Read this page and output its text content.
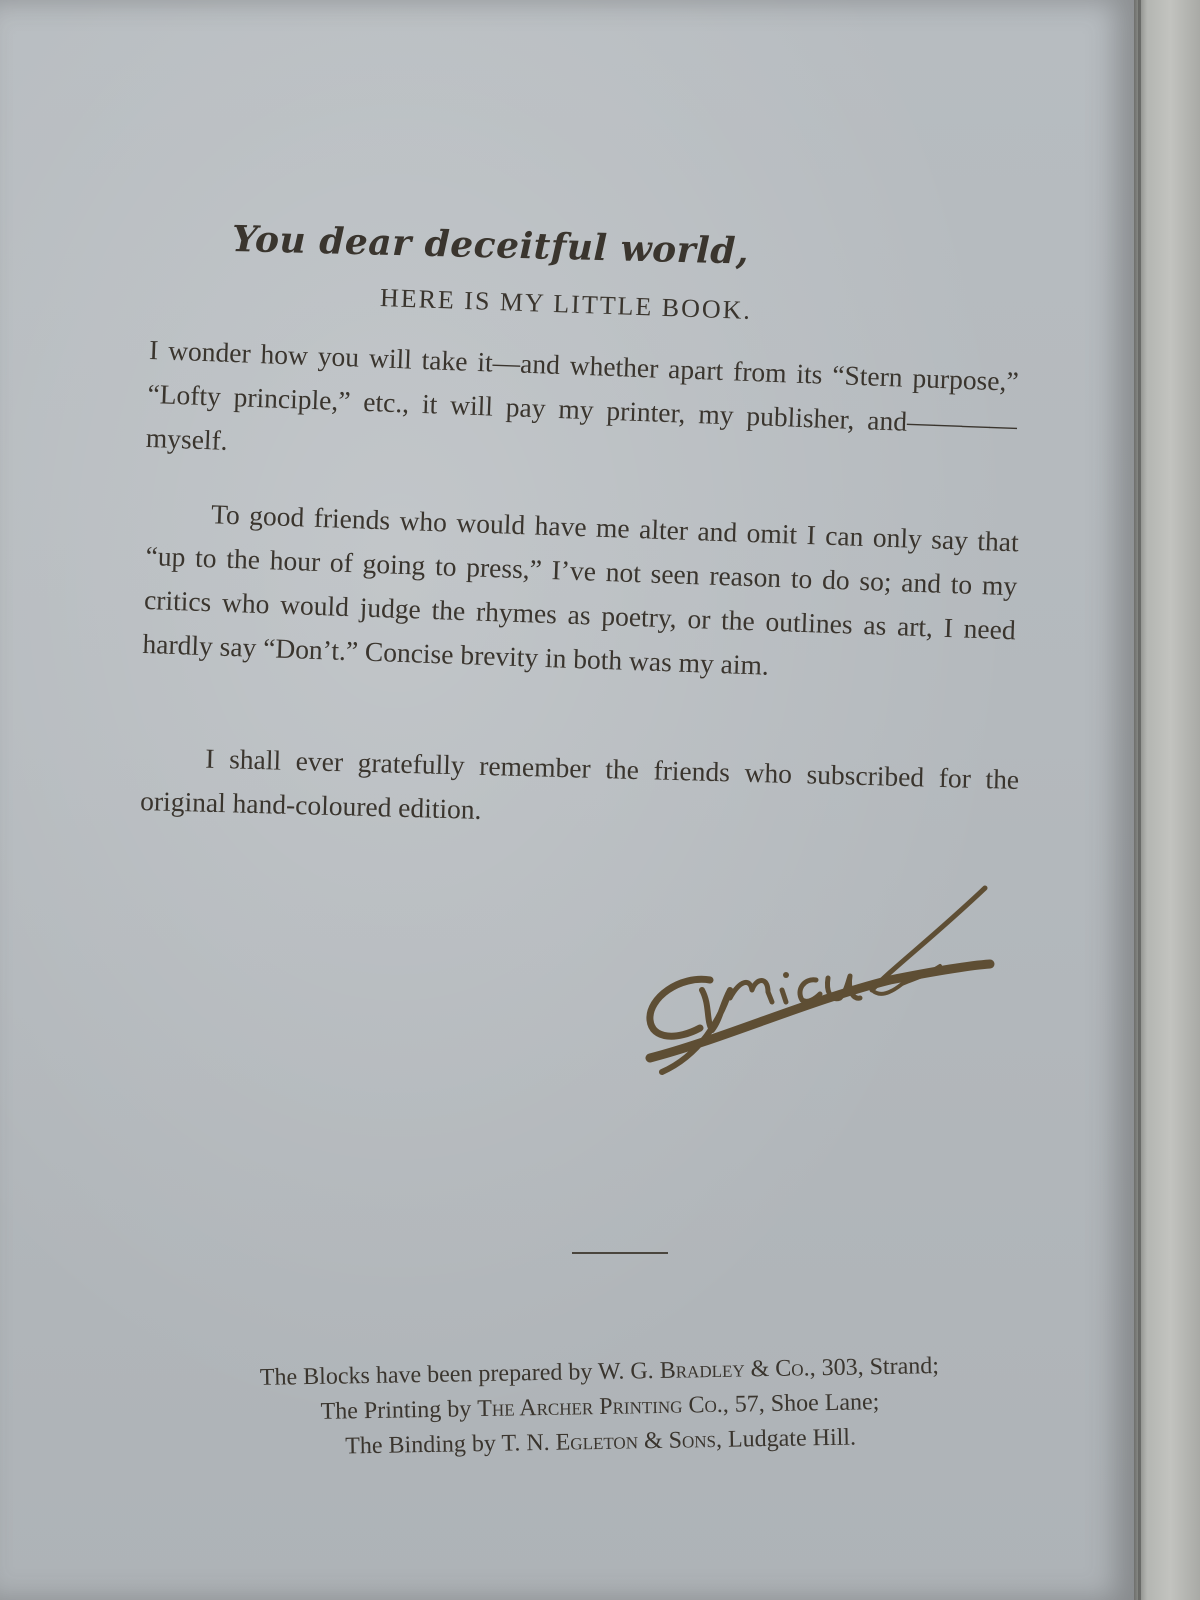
You dear deceitful world,

HERE IS MY LITTLE BOOK.

I wonder how you will take it—and whether apart from its “Stern purpose,” “Lofty principle,” etc., it will pay my printer, my publisher, and————myself.

To good friends who would have me alter and omit I can only say that “up to the hour of going to press,” I’ve not seen reason to do so; and to my critics who would judge the rhymes as poetry, or the outlines as art, I need hardly say “Don’t.” Concise brevity in both was my aim.

I shall ever gratefully remember the friends who subscribed for the original hand-coloured edition.

The Blocks have been prepared by W. G. Bradley & Co., 303, Strand;
The Printing by The Archer Printing Co., 57, Shoe Lane;
The Binding by T. N. Egleton & Sons, Ludgate Hill.
